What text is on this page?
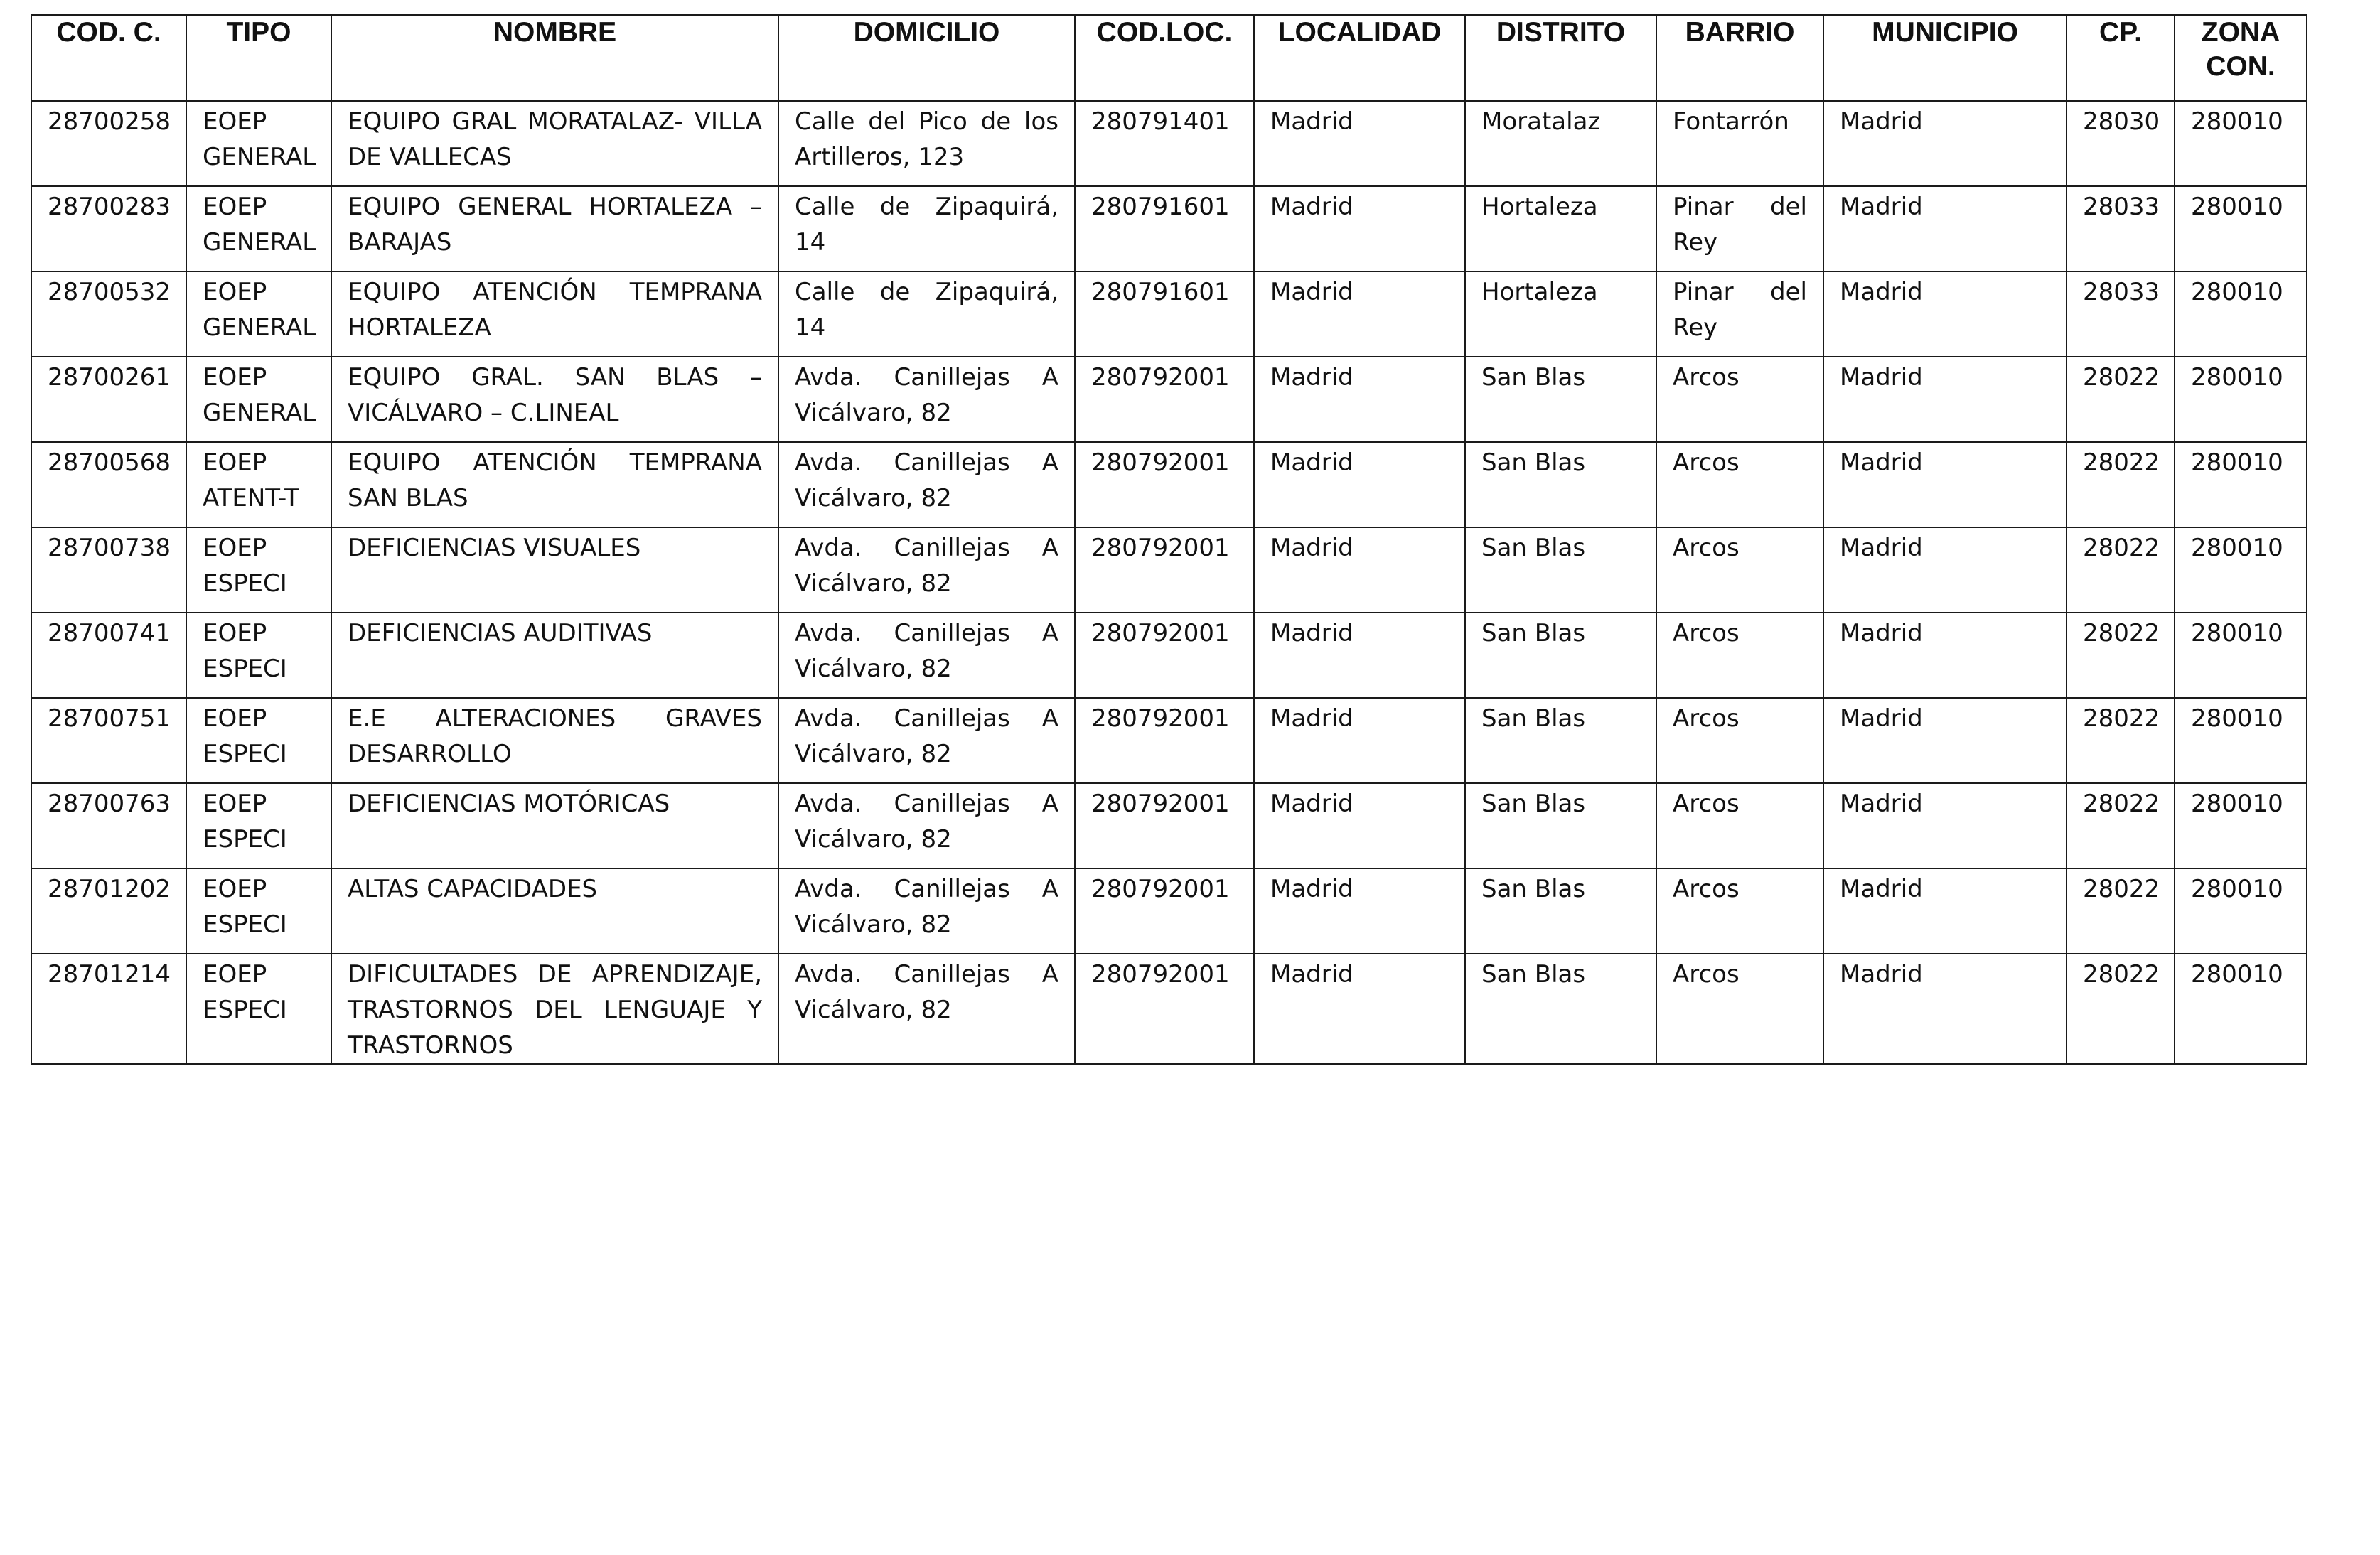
COD. C.	TIPO	NOMBRE	DOMICILIO	COD.LOC.	LOCALIDAD	DISTRITO	BARRIO	MUNICIPIO	CP.	ZONA CON.
28700258	EOEP GENERAL	EQUIPO GRAL MORATALAZ- VILLA DE VALLECAS	Calle del Pico de los Artilleros, 123	280791401	Madrid	Moratalaz	Fontarrón	Madrid	28030	280010
28700283	EOEP GENERAL	EQUIPO GENERAL HORTALEZA – BARAJAS	Calle de Zipaquirá, 14	280791601	Madrid	Hortaleza	Pinar del Rey	Madrid	28033	280010
28700532	EOEP GENERAL	EQUIPO ATENCIÓN TEMPRANA HORTALEZA	Calle de Zipaquirá, 14	280791601	Madrid	Hortaleza	Pinar del Rey	Madrid	28033	280010
28700261	EOEP GENERAL	EQUIPO GRAL. SAN BLAS – VICÁLVARO – C.LINEAL	Avda. Canillejas A Vicálvaro, 82	280792001	Madrid	San Blas	Arcos	Madrid	28022	280010
28700568	EOEP ATENT-T	EQUIPO ATENCIÓN TEMPRANA SAN BLAS	Avda. Canillejas A Vicálvaro, 82	280792001	Madrid	San Blas	Arcos	Madrid	28022	280010
28700738	EOEP ESPECI	DEFICIENCIAS VISUALES	Avda. Canillejas A Vicálvaro, 82	280792001	Madrid	San Blas	Arcos	Madrid	28022	280010
28700741	EOEP ESPECI	DEFICIENCIAS AUDITIVAS	Avda. Canillejas A Vicálvaro, 82	280792001	Madrid	San Blas	Arcos	Madrid	28022	280010
28700751	EOEP ESPECI	E.E ALTERACIONES GRAVES DESARROLLO	Avda. Canillejas A Vicálvaro, 82	280792001	Madrid	San Blas	Arcos	Madrid	28022	280010
28700763	EOEP ESPECI	DEFICIENCIAS MOTÓRICAS	Avda. Canillejas A Vicálvaro, 82	280792001	Madrid	San Blas	Arcos	Madrid	28022	280010
28701202	EOEP ESPECI	ALTAS CAPACIDADES	Avda. Canillejas A Vicálvaro, 82	280792001	Madrid	San Blas	Arcos	Madrid	28022	280010
28701214	EOEP ESPECI	DIFICULTADES DE APRENDIZAJE, TRASTORNOS DEL LENGUAJE Y TRASTORNOS	Avda. Canillejas A Vicálvaro, 82	280792001	Madrid	San Blas	Arcos	Madrid	28022	280010
